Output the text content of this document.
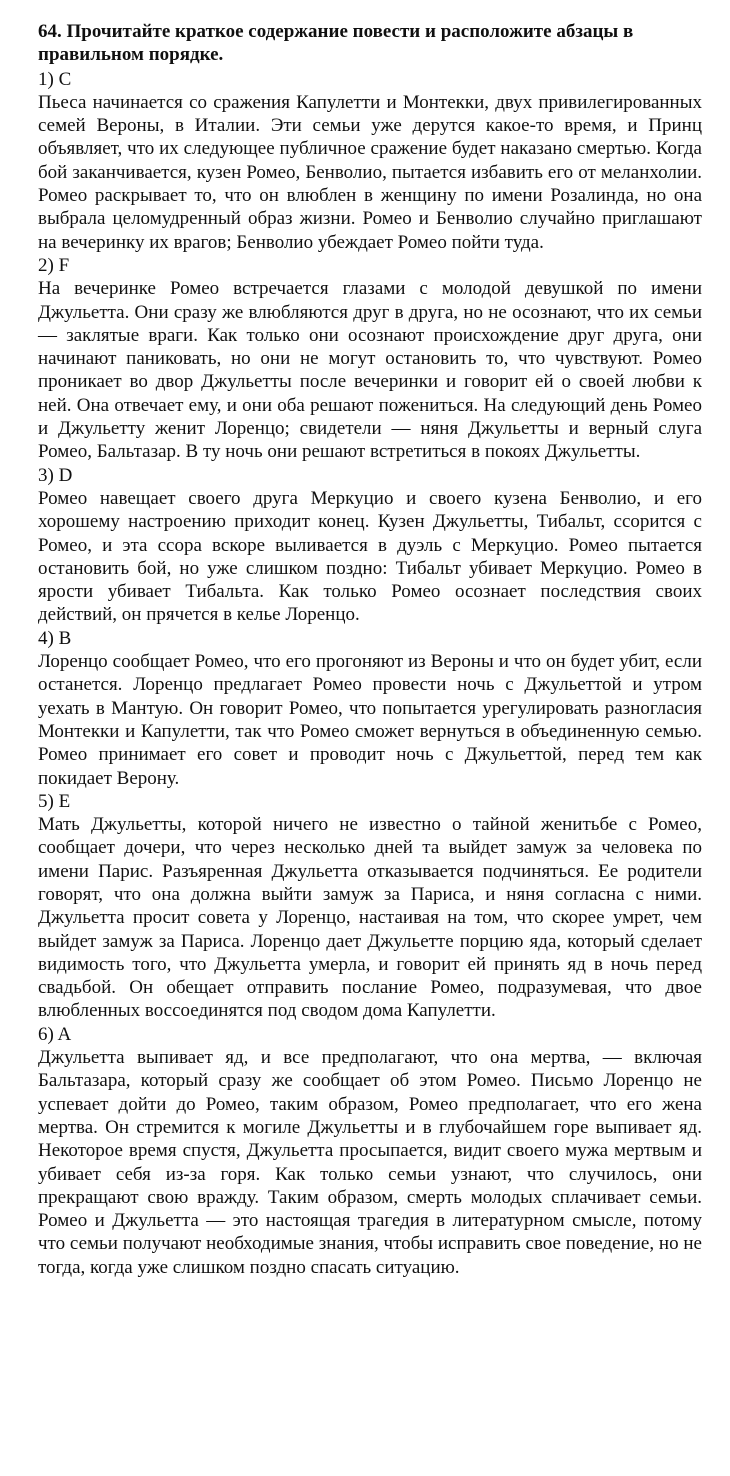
64. Прочитайте краткое содержание повести и расположите абзацы в правильном порядке.

1) C

Пьеса начинается со сражения Капулетти и Монтекки, двух привилегированных семей Вероны, в Италии. Эти семьи уже дерутся какое-то время, и Принц объявляет, что их следующее публичное сражение будет наказано смертью. Когда бой заканчивается, кузен Ромео, Бенволио, пытается избавить его от меланхолии. Ромео раскрывает то, что он влюблен в женщину по имени Розалинда, но она выбрала целомудренный образ жизни. Ромео и Бенволио случайно приглашают на вечеринку их врагов; Бенволио убеждает Ромео пойти туда.

2) F

На вечеринке Ромео встречается глазами с молодой девушкой по имени Джульетта. Они сразу же влюбляются друг в друга, но не осознают, что их семьи — заклятые враги. Как только они осознают происхождение друг друга, они начинают паниковать, но они не могут остановить то, что чувствуют. Ромео проникает во двор Джульетты после вечеринки и говорит ей о своей любви к ней. Она отвечает ему, и они оба решают пожениться. На следующий день Ромео и Джульетту женит Лоренцо; свидетели — няня Джульетты и верный слуга Ромео, Бальтазар. В ту ночь они решают встретиться в покоях Джульетты.

3) D

Ромео навещает своего друга Меркуцио и своего кузена Бенволио, и его хорошему настроению приходит конец. Кузен Джульетты, Тибальт, ссорится с Ромео, и эта ссора вскоре выливается в дуэль с Меркуцио. Ромео пытается остановить бой, но уже слишком поздно: Тибальт убивает Меркуцио. Ромео в ярости убивает Тибальта. Как только Ромео осознает последствия своих действий, он прячется в келье Лоренцо.

4) B

Лоренцо сообщает Ромео, что его прогоняют из Вероны и что он будет убит, если останется. Лоренцо предлагает Ромео провести ночь с Джульеттой и утром уехать в Мантую. Он говорит Ромео, что попытается урегулировать разногласия Монтекки и Капулетти, так что Ромео сможет вернуться в объединенную семью. Ромео принимает его совет и проводит ночь с Джульеттой, перед тем как покидает Верону.

5) E

Мать Джульетты, которой ничего не известно о тайной женитьбе с Ромео, сообщает дочери, что через несколько дней та выйдет замуж за человека по имени Парис. Разъяренная Джульетта отказывается подчиняться. Ее родители говорят, что она должна выйти замуж за Париса, и няня согласна с ними. Джульетта просит совета у Лоренцо, настаивая на том, что скорее умрет, чем выйдет замуж за Париса. Лоренцо дает Джульетте порцию яда, который сделает видимость того, что Джульетта умерла, и говорит ей принять яд в ночь перед свадьбой. Он обещает отправить послание Ромео, подразумевая, что двое влюбленных воссоединятся под сводом дома Капулетти.

6) A

Джульетта выпивает яд, и все предполагают, что она мертва, — включая Бальтазара, который сразу же сообщает об этом Ромео. Письмо Лоренцо не успевает дойти до Ромео, таким образом, Ромео предполагает, что его жена мертва. Он стремится к могиле Джульетты и в глубочайшем горе выпивает яд. Некоторое время спустя, Джульетта просыпается, видит своего мужа мертвым и убивает себя из-за горя. Как только семьи узнают, что случилось, они прекращают свою вражду. Таким образом, смерть молодых сплачивает семьи. Ромео и Джульетта — это настоящая трагедия в литературном смысле, потому что семьи получают необходимые знания, чтобы исправить свое поведение, но не тогда, когда уже слишком поздно спасать ситуацию.
